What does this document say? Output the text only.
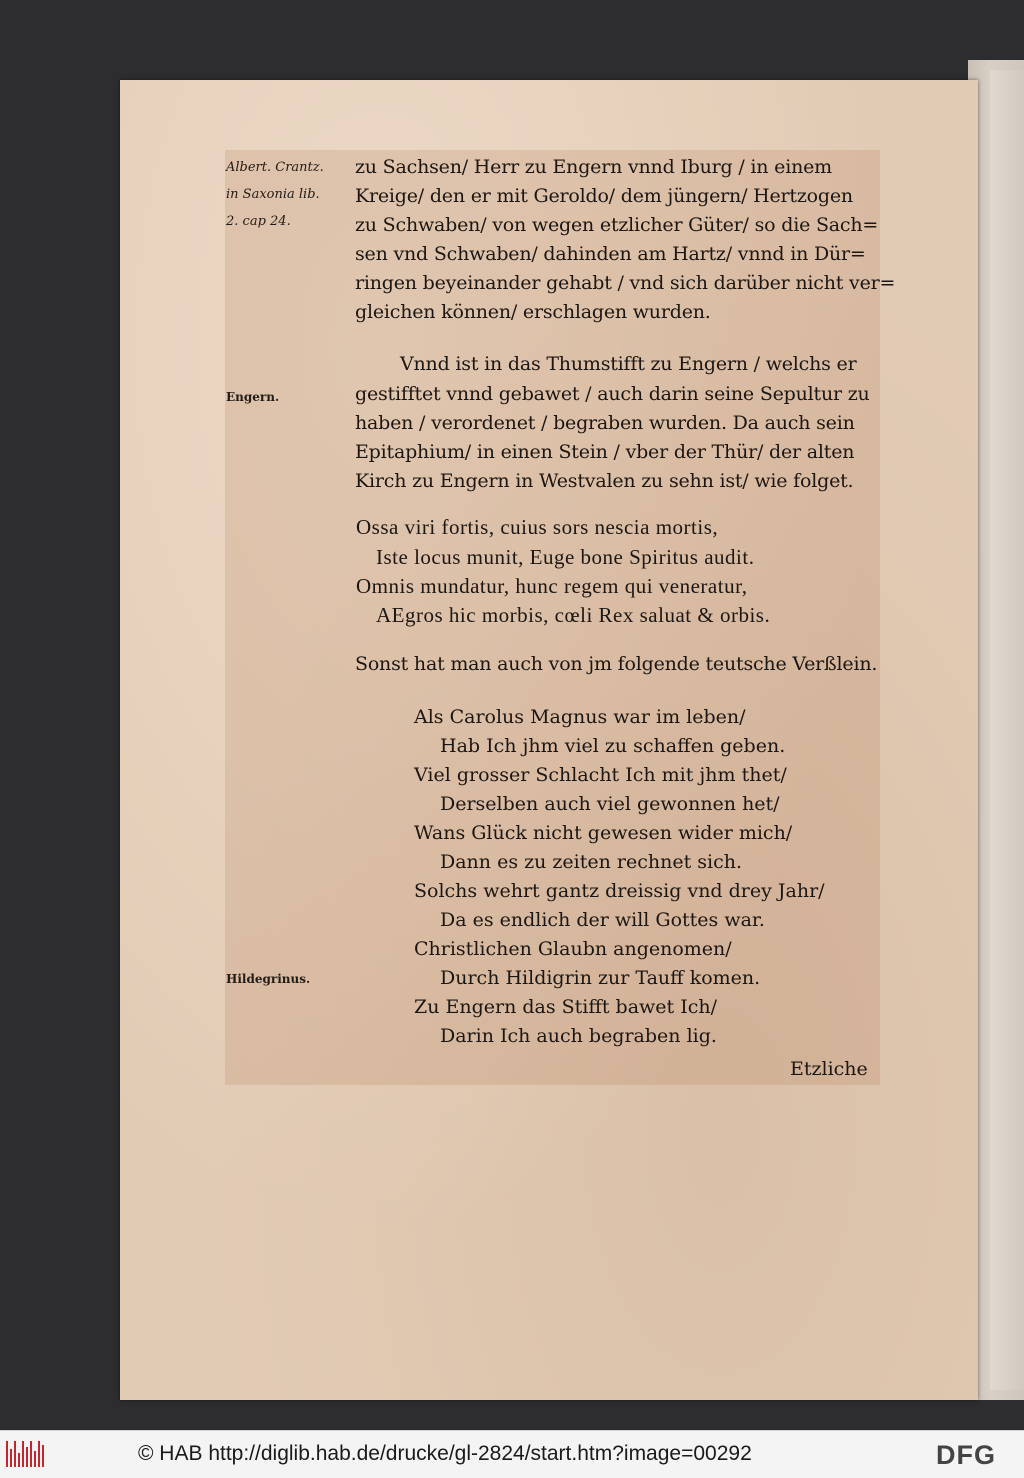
Albert. Crantz.
in Saxonia lib.
2. cap 24.
Engern.
Hildegrinus.
zu Sachsen/ Herr zu Engern vnnd Iburg / in einem
Kreige/ den er mit Geroldo/ dem jüngern/ Hertzogen
zu Schwaben/ von wegen etzlicher Güter/ so die Sach=
sen vnd Schwaben/ dahinden am Hartz/ vnnd in Dür=
ringen beyeinander gehabt / vnd sich darüber nicht ver=
gleichen können/ erschlagen wurden.
Vnnd ist in das Thumstifft zu Engern / welchs er
gestifftet vnnd gebawet / auch darin seine Sepultur zu
haben / verordenet / begraben wurden. Da auch sein
Epitaphium/ in einen Stein / vber der Thür/ der alten
Kirch zu Engern in Westvalen zu sehn ist/ wie folget.
Ossa viri fortis, cuius sors nescia mortis,
Iste locus munit, Euge bone Spiritus audit.
Omnis mundatur, hunc regem qui veneratur,
AEgros hic morbis, cœli Rex saluat & orbis.
Sonst hat man auch von jm folgende teutsche Verßlein.
Als Carolus Magnus war im leben/
Hab Ich jhm viel zu schaffen geben.
Viel grosser Schlacht Ich mit jhm thet/
Derselben auch viel gewonnen het/
Wans Glück nicht gewesen wider mich/
Dann es zu zeiten rechnet sich.
Solchs wehrt gantz dreissig vnd drey Jahr/
Da es endlich der will Gottes war.
Christlichen Glaubn angenomen/
Durch Hildigrin zur Tauff komen.
Zu Engern das Stifft bawet Ich/
Darin Ich auch begraben lig.
Etzliche
© HAB http://diglib.hab.de/drucke/gl-2824/start.htm?image=00292	DFG
